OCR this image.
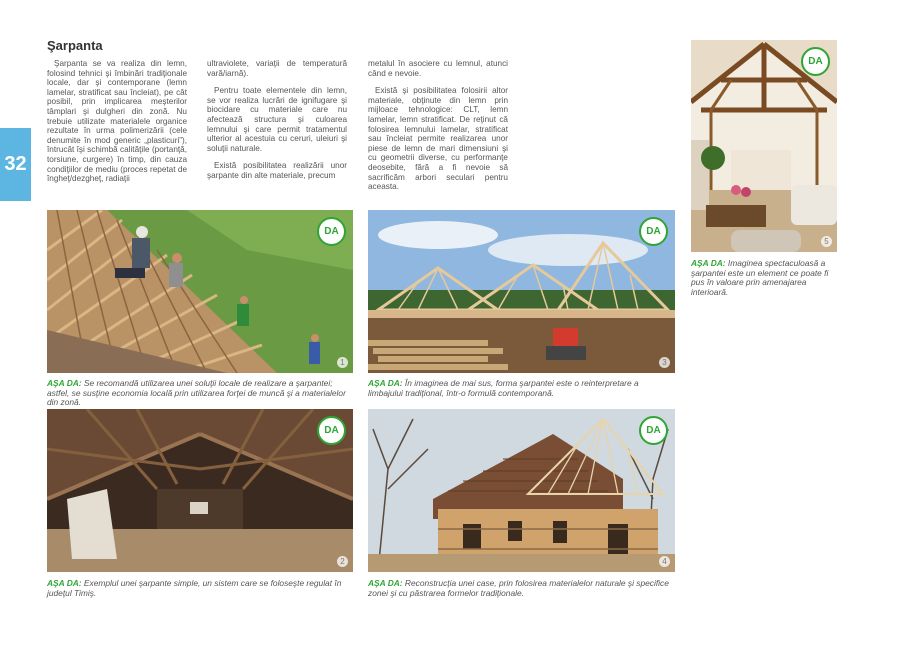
32
Şarpanta

Şarpanta se va realiza din lemn, folosind tehnici şi îmbinări tradiţionale locale, dar şi contemporane (lemn lamelar, stratificat sau încleiat), pe cât posibil, prin implicarea meşterilor tâmplari şi dulgheri din zonă. Nu trebuie utilizate materialele organice rezultate în urma polimerizării (cele denumite în mod generic „plasticuri”), întrucât îşi schimbă calităţile (portanţă, torsiune, curgere) în timp, din cauza condiţiilor de mediu (proces repetat de îngheţ/dezgheţ, radiaţii

ultraviolete, variaţii de temperatură vară/iarnă).

Pentru toate elementele din lemn, se vor realiza lucrări de ignifugare şi biocidare cu materiale care nu afectează structura şi culoarea lemnului şi care permit tratamentul ulterior al acestuia cu ceruri, uleiuri şi soluţii naturale.

Există posibilitatea realizării unor şarpante din alte materiale, precum

metalul în asociere cu lemnul, atunci când e nevoie.

Există şi posibilitatea folosirii altor materiale, obţinute din lemn prin mijloace tehnologice: CLT, lemn lamelar, lemn stratificat. De reţinut că folosirea lemnului lamelar, stratificat sau încleiat permite realizarea unor piese de lemn de mari dimensiuni şi cu geometrii diverse, cu performanţe deosebite, fără a fi nevoie să sacrificăm arbori seculari pentru aceasta.

DA
5
AŞA DA: Imaginea spectaculoasă a şarpantei este un element ce poate fi pus în valoare prin amenajarea interioară.
DA
1
AŞA DA: Se recomandă utilizarea unei soluţii locale de realizare a şarpantei; astfel, se susţine economia locală prin utilizarea forţei de muncă şi a materialelor din zonă.
DA
3
AŞA DA: În imaginea de mai sus, forma şarpantei este o reinterpretare a limbajului tradiţional, într-o formulă contemporană.
DA
2
AŞA DA: Exemplul unei şarpante simple, un sistem care se foloseşte regulat în judeţul Timiş.
DA
4
AŞA DA: Reconstrucţia unei case, prin folosirea materialelor naturale şi specifice zonei şi cu păstrarea formelor tradiţionale.
